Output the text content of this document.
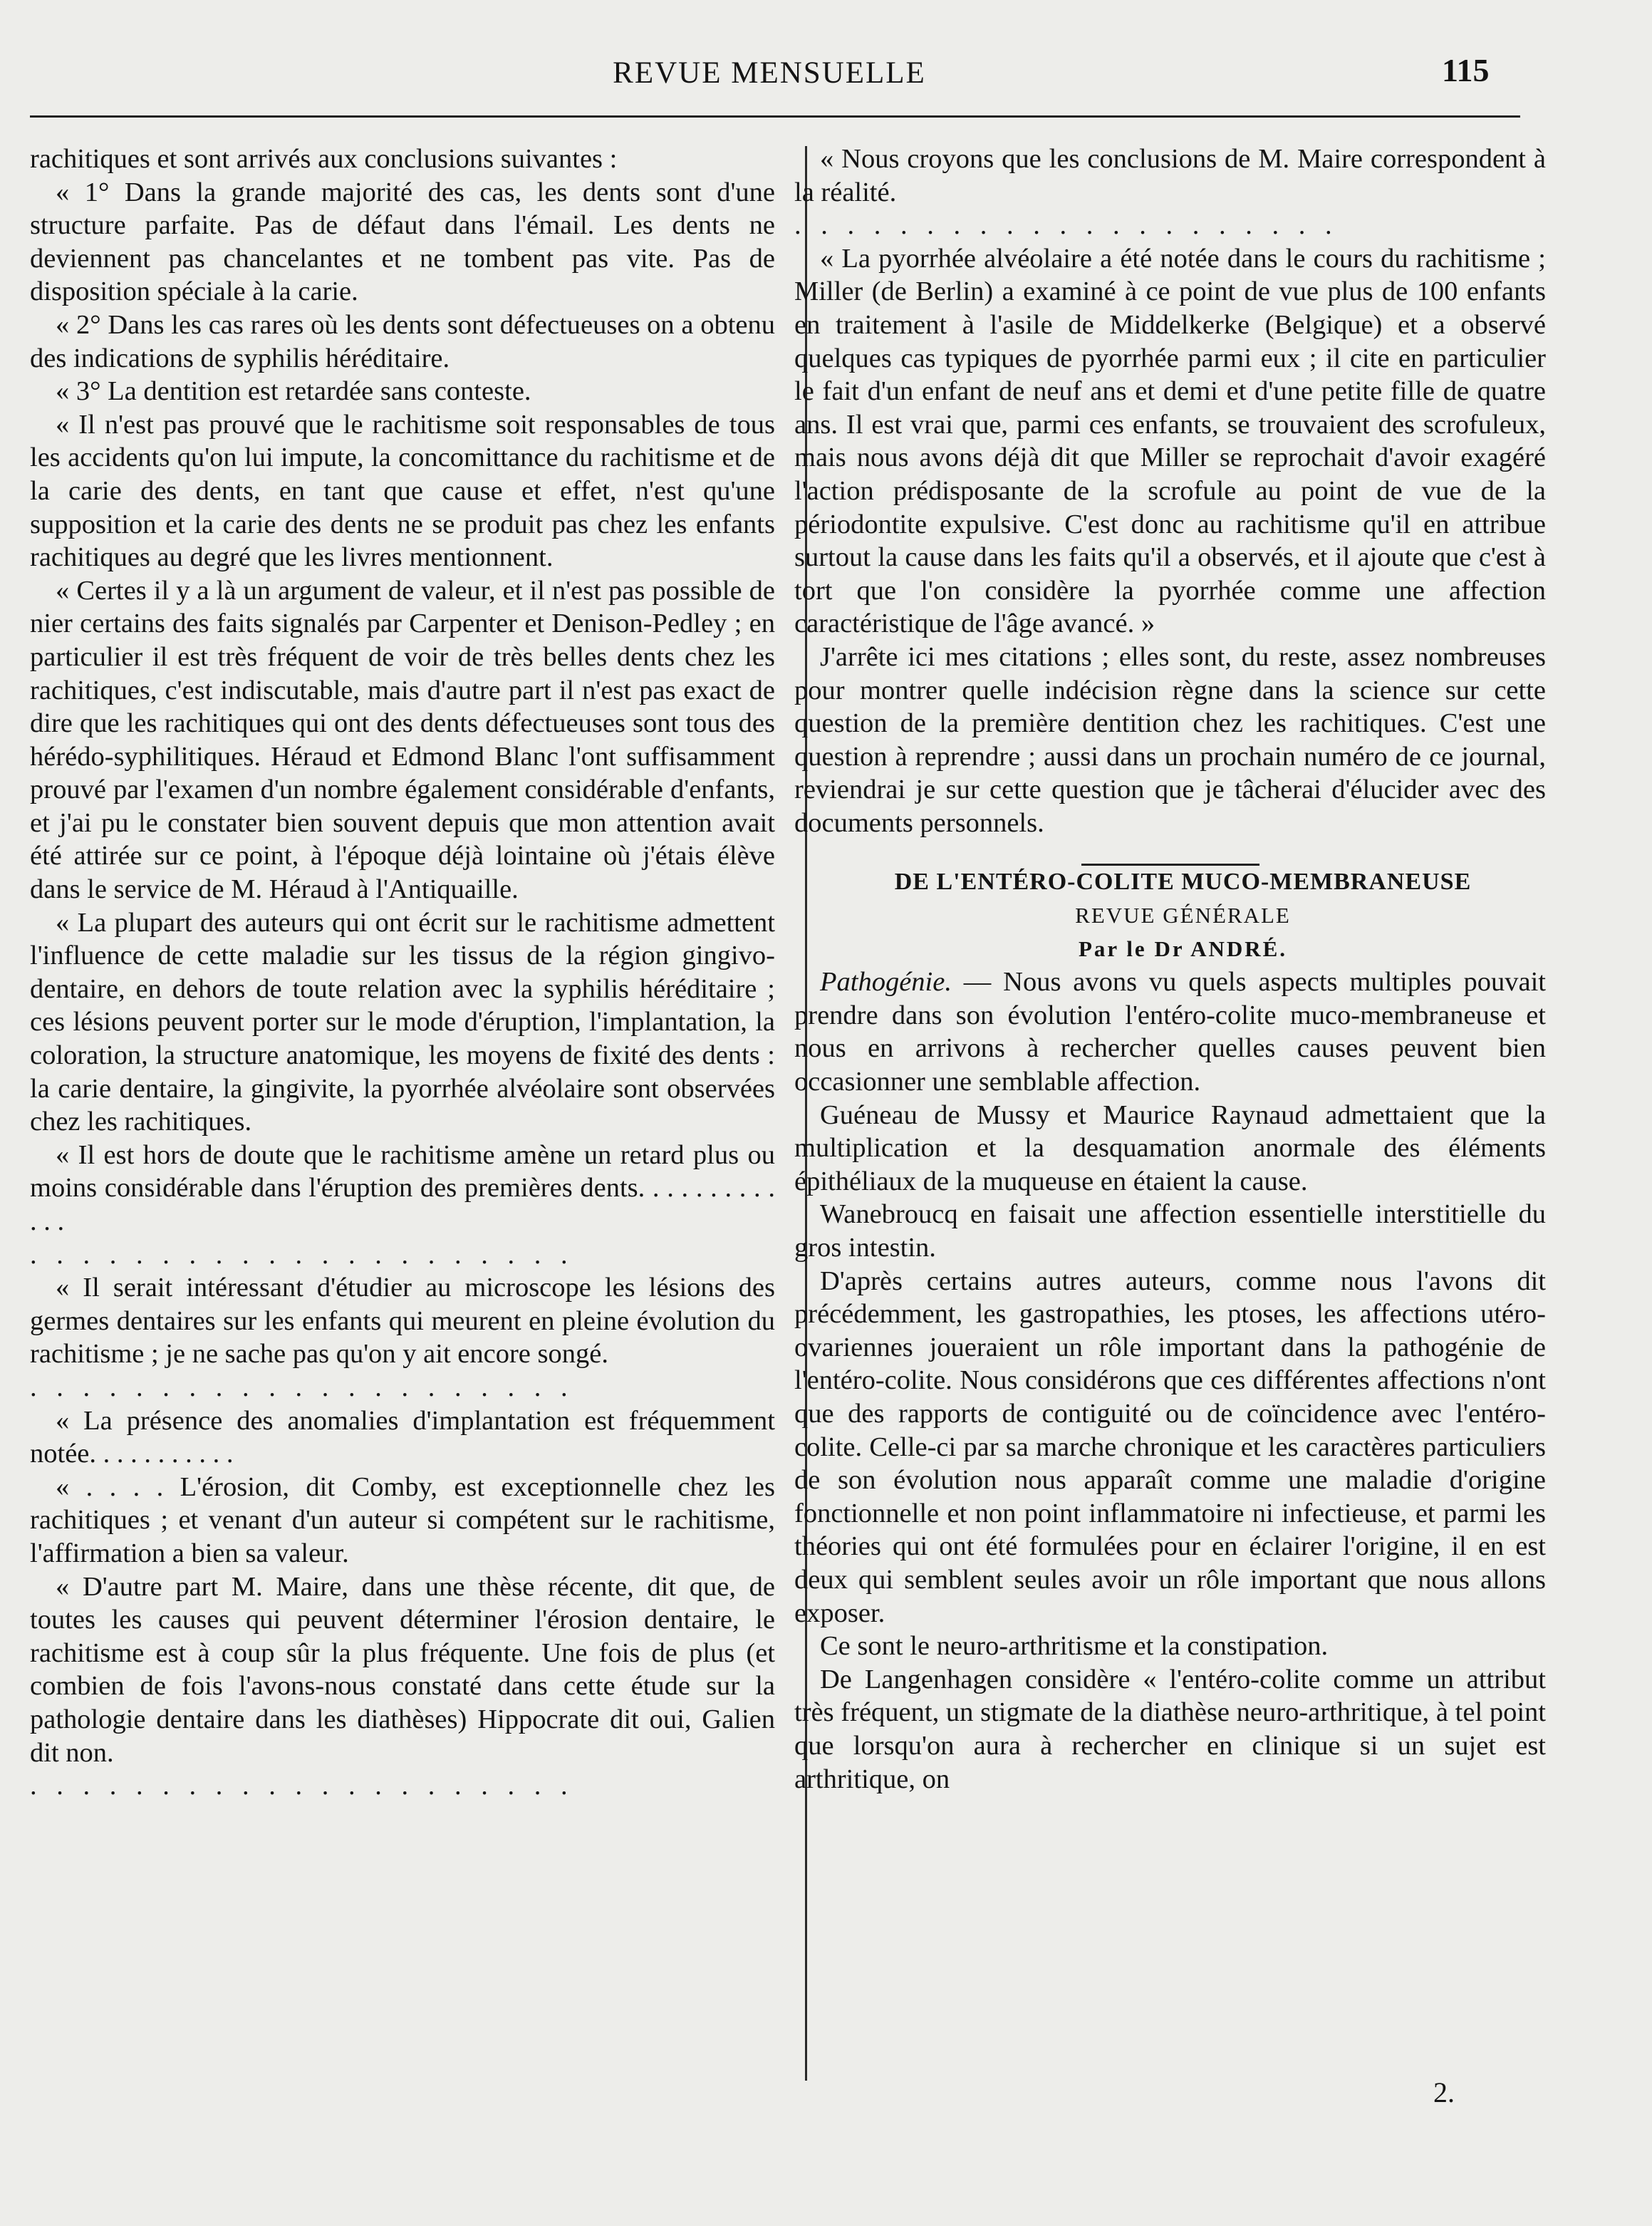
REVUE MENSUELLE	115

rachitiques et sont arrivés aux conclusions suivantes :

« 1° Dans la grande majorité des cas, les dents sont d'une structure parfaite. Pas de défaut dans l'émail. Les dents ne deviennent pas chancelantes et ne tombent pas vite. Pas de disposition spéciale à la carie.

« 2° Dans les cas rares où les dents sont défectueuses on a obtenu des indications de syphilis héréditaire.

« 3° La dentition est retardée sans conteste.

« Il n'est pas prouvé que le rachitisme soit responsables de tous les accidents qu'on lui impute, la concomittance du rachitisme et de la carie des dents, en tant que cause et effet, n'est qu'une supposition et la carie des dents ne se produit pas chez les enfants rachitiques au degré que les livres mentionnent.

« Certes il y a là un argument de valeur, et il n'est pas possible de nier certains des faits signalés par Carpenter et Denison-Pedley ; en particulier il est très fréquent de voir de très belles dents chez les rachitiques, c'est indiscutable, mais d'autre part il n'est pas exact de dire que les rachitiques qui ont des dents défectueuses sont tous des hérédo-syphilitiques. Héraud et Edmond Blanc l'ont suffisamment prouvé par l'examen d'un nombre également considérable d'enfants, et j'ai pu le constater bien souvent depuis que mon attention avait été attirée sur ce point, à l'époque déjà lointaine où j'étais élève dans le service de M. Héraud à l'Antiquaille.

« La plupart des auteurs qui ont écrit sur le rachitisme admettent l'influence de cette maladie sur les tissus de la région gingivo-dentaire, en dehors de toute relation avec la syphilis héréditaire ; ces lésions peuvent porter sur le mode d'éruption, l'implantation, la coloration, la structure anatomique, les moyens de fixité des dents : la carie dentaire, la gingivite, la pyorrhée alvéolaire sont observées chez les rachitiques.

« Il est hors de doute que le rachitisme amène un retard plus ou moins considérable dans l'éruption des premières dents. . . . . . . . . . . . .

. . . . . . . . . . . . . . . . . . . . .

« Il serait intéressant d'étudier au microscope les lésions des germes dentaires sur les enfants qui meurent en pleine évolution du rachitisme ; je ne sache pas qu'on y ait encore songé.

. . . . . . . . . . . . . . . . . . . . .

« La présence des anomalies d'implantation est fréquemment notée. . . . . . . . . . .

« . . . . L'érosion, dit Comby, est exceptionnelle chez les rachitiques ; et venant d'un auteur si compétent sur le rachitisme, l'affirmation a bien sa valeur.

« D'autre part M. Maire, dans une thèse récente, dit que, de toutes les causes qui peuvent déterminer l'érosion dentaire, le rachitisme est à coup sûr la plus fréquente. Une fois de plus (et combien de fois l'avons-nous constaté dans cette étude sur la pathologie dentaire dans les diathèses) Hippocrate dit oui, Galien dit non.

. . . . . . . . . . . . . . . . . . . . .

« Nous croyons que les conclusions de M. Maire correspondent à la réalité.

. . . . . . . . . . . . . . . . . . . . .

« La pyorrhée alvéolaire a été notée dans le cours du rachitisme ; Miller (de Berlin) a examiné à ce point de vue plus de 100 enfants en traitement à l'asile de Middelkerke (Belgique) et a observé quelques cas typiques de pyorrhée parmi eux ; il cite en particulier le fait d'un enfant de neuf ans et demi et d'une petite fille de quatre ans. Il est vrai que, parmi ces enfants, se trouvaient des scrofuleux, mais nous avons déjà dit que Miller se reprochait d'avoir exagéré l'action prédisposante de la scrofule au point de vue de la périodontite expulsive. C'est donc au rachitisme qu'il en attribue surtout la cause dans les faits qu'il a observés, et il ajoute que c'est à tort que l'on considère la pyorrhée comme une affection caractéristique de l'âge avancé. »

J'arrête ici mes citations ; elles sont, du reste, assez nombreuses pour montrer quelle indécision règne dans la science sur cette question de la première dentition chez les rachitiques. C'est une question à reprendre ; aussi dans un prochain numéro de ce journal, reviendrai je sur cette question que je tâcherai d'élucider avec des documents personnels.

DE L'ENTÉRO-COLITE MUCO-MEMBRANEUSE

REVUE GÉNÉRALE

Par le Dr ANDRÉ.

Pathogénie. — Nous avons vu quels aspects multiples pouvait prendre dans son évolution l'entéro-colite muco-membraneuse et nous en arrivons à rechercher quelles causes peuvent bien occasionner une semblable affection.

Guéneau de Mussy et Maurice Raynaud admettaient que la multiplication et la desquamation anormale des éléments épithéliaux de la muqueuse en étaient la cause.

Wanebroucq en faisait une affection essentielle interstitielle du gros intestin.

D'après certains autres auteurs, comme nous l'avons dit précédemment, les gastropathies, les ptoses, les affections utéro-ovariennes joueraient un rôle important dans la pathogénie de l'entéro-colite. Nous considérons que ces différentes affections n'ont que des rapports de contiguité ou de coïncidence avec l'entéro-colite. Celle-ci par sa marche chronique et les caractères particuliers de son évolution nous apparaît comme une maladie d'origine fonctionnelle et non point inflammatoire ni infectieuse, et parmi les théories qui ont été formulées pour en éclairer l'origine, il en est deux qui semblent seules avoir un rôle important que nous allons exposer.

Ce sont le neuro-arthritisme et la constipation.

De Langenhagen considère « l'entéro-colite comme un attribut très fréquent, un stigmate de la diathèse neuro-arthritique, à tel point que lorsqu'on aura à rechercher en clinique si un sujet est arthritique, on

2.
